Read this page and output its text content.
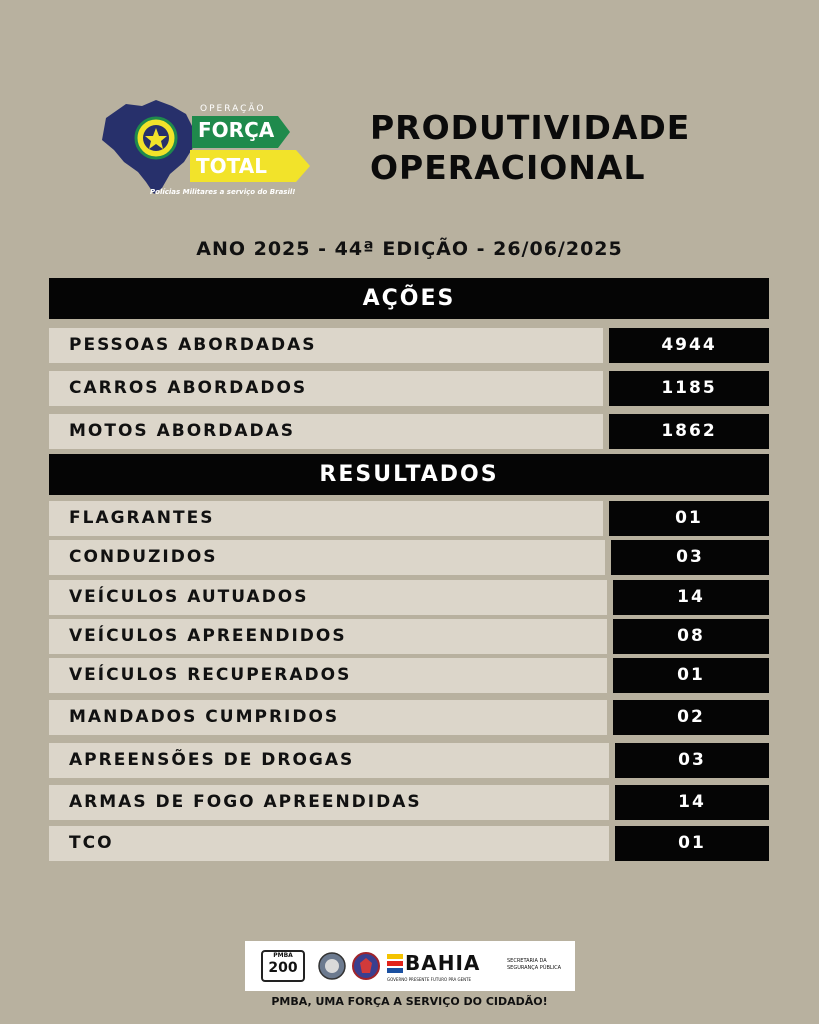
OPERAÇÃO
FORÇA
TOTAL
Polícias Militares a serviço do Brasil!
PRODUTIVIDADE
OPERACIONAL
ANO 2025 - 44ª EDIÇÃO - 26/06/2025
AÇÕES
PESSOAS ABORDADAS	4944
CARROS ABORDADOS	1185
MOTOS ABORDADAS	1862
RESULTADOS
FLAGRANTES	01
CONDUZIDOS	03
VEÍCULOS AUTUADOS	14
VEÍCULOS APREENDIDOS	08
VEÍCULOS RECUPERADOS	01
MANDADOS CUMPRIDOS	02
APREENSÕES DE DROGAS	03
ARMAS DE FOGO APREENDIDAS	14
TCO	01
PMBA
200	BAHIA
GOVERNO PRESENTE FUTURO PRA GENTE
SECRETARIA DA SEGURANÇA PÚBLICA
PMBA, UMA FORÇA A SERVIÇO DO CIDADÃO!
